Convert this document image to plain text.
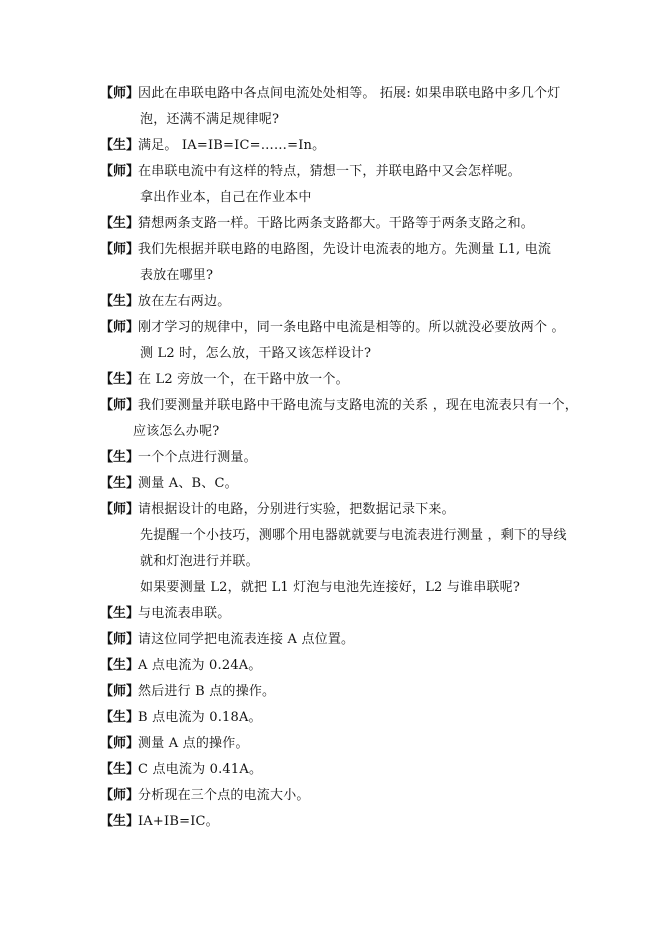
【师】
因此在串联电路中各点间电流处处相等。 拓展: 如果串联电路中多几个灯
泡，还满不满足规律呢?
【生】
满足。 IA=IB=IC=……=In。
【师】
在串联电流中有这样的特点，猜想一下，并联电路中又会怎样呢。
拿出作业本，自己在作业本中
【生】
猜想两条支路一样。干路比两条支路都大。干路等于两条支路之和。
【师】
我们先根据并联电路的电路图，先设计电流表的地方。先测量 L1, 电流
表放在哪里?
【生】
放在左右两边。
【师】
刚才学习的规律中，同一条电路中电流是相等的。所以就没必要放两个 。
测 L2 时，怎么放，干路又该怎样设计?
【生】
在 L2 旁放一个，在干路中放一个。
【师】
我们要测量并联电路中干路电流与支路电流的关系 ，现在电流表只有一个，
应该怎么办呢?
【生】
一个个点进行测量。
【生】
测量 A、B、C。
【师】
请根据设计的电路，分别进行实验，把数据记录下来。
先提醒一个小技巧，测哪个用电器就就要与电流表进行测量 ，剩下的导线
就和灯泡进行并联。
如果要测量 L2，就把 L1 灯泡与电池先连接好，L2 与谁串联呢?
【生】
与电流表串联。
【师】
请这位同学把电流表连接 A 点位置。
【生】
A 点电流为 0.24A。
【师】
然后进行 B 点的操作。
【生】
B 点电流为 0.18A。
【师】
测量 A 点的操作。
【生】
C 点电流为 0.41A。
【师】
分析现在三个点的电流大小。
【生】
IA+IB=IC。
